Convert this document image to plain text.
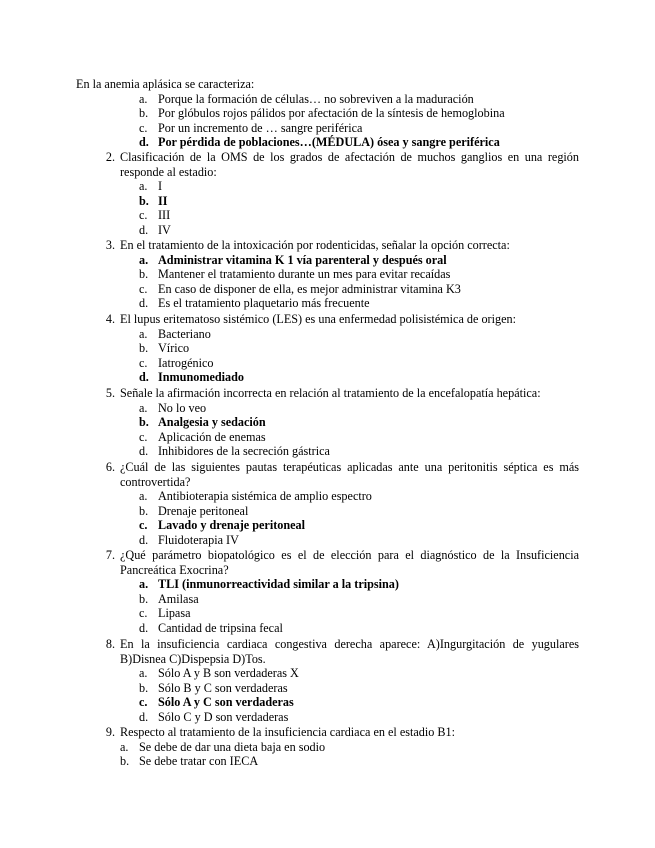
En la anemia aplásica se caracteriza:
a. Porque la formación de células… no sobreviven a la maduración
b. Por glóbulos rojos pálidos por afectación de la síntesis de hemoglobina
c. Por un incremento de … sangre periférica
d. Por pérdida de poblaciones…(MÉDULA) ósea y sangre periférica
2. Clasificación de la OMS de los grados de afectación de muchos ganglios en una región responde al estadio:
a. I
b. II
c. III
d. IV
3. En el tratamiento de la intoxicación por rodenticidas, señalar la opción correcta:
a. Administrar vitamina K 1 vía parenteral y después oral
b. Mantener el tratamiento durante un mes para evitar recaídas
c. En caso de disponer de ella, es mejor administrar vitamina K3
d. Es el tratamiento plaquetario más frecuente
4. El lupus eritematoso sistémico (LES) es una enfermedad polisistémica de origen:
a. Bacteriano
b. Vírico
c. Iatrogénico
d. Inmunomediado
5. Señale la afirmación incorrecta en relación al tratamiento de la encefalopatía hepática:
a. No lo veo
b. Analgesia y sedación
c. Aplicación de enemas
d. Inhibidores de la secreción gástrica
6. ¿Cuál de las siguientes pautas terapéuticas aplicadas ante una peritonitis séptica es más controvertida?
a. Antibioterapia sistémica de amplio espectro
b. Drenaje peritoneal
c. Lavado y drenaje peritoneal
d. Fluidoterapia IV
7. ¿Qué parámetro biopatológico es el de elección para el diagnóstico de la Insuficiencia Pancreática Exocrina?
a. TLI (inmunorreactividad similar a la tripsina)
b. Amilasa
c. Lipasa
d. Cantidad de tripsina fecal
8. En la insuficiencia cardiaca congestiva derecha aparece: A)Ingurgitación de yugulares B)Disnea C)Dispepsia D)Tos.
a. Sólo A y B son verdaderas X
b. Sólo B y C son verdaderas
c. Sólo A y C son verdaderas
d. Sólo C y D son verdaderas
9. Respecto al tratamiento de la insuficiencia cardiaca en el estadio B1:
a. Se debe de dar una dieta baja en sodio
b. Se debe tratar con IECA
